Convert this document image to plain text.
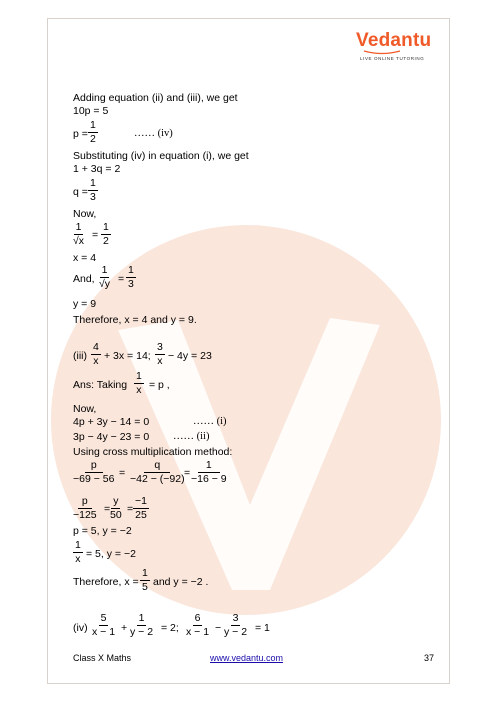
Vedantu
LIVE ONLINE TUTORING
Adding equation (ii) and (iii), we get
10p = 5
$p = \frac{1}{2}$	…… (iv)
Substituting (iv) in equation (i), we get
1 + 3q = 2
$q = \frac{1}{3}$
Now,
$\frac{1}{√x} = \frac{1}{2}$
x = 4
And, $\frac{1}{√y} = \frac{1}{3}$
y = 9
Therefore, x = 4 and y = 9.
$(iii) \frac{4}{x} + 3x = 14$; $\frac{3}{x} - 4y = 23$
Ans: Taking $\frac{1}{x} = p$ ,
Now,
4p + 3y − 14 = 0	…… (i)
3p − 4y − 23 = 0 …… (ii)
Using cross multiplication method:
$\frac{p}{-69 - 56} = \frac{q}{-42 - (-92)} = \frac{1}{-16 - 9}$
$\frac{p}{-125} = \frac{y}{50} = \frac{-1}{25}$
p = 5, y = −2
$\frac{1}{x} = 5$, y = −2
Therefore, $x = \frac{1}{5}$ and y = −2 .
$(iv) \frac{5}{x - 1} + \frac{1}{y - 2} = 2$; $\frac{6}{x - 1} - \frac{3}{y - 2} = 1$
Class X Maths	www.vedantu.com	37
